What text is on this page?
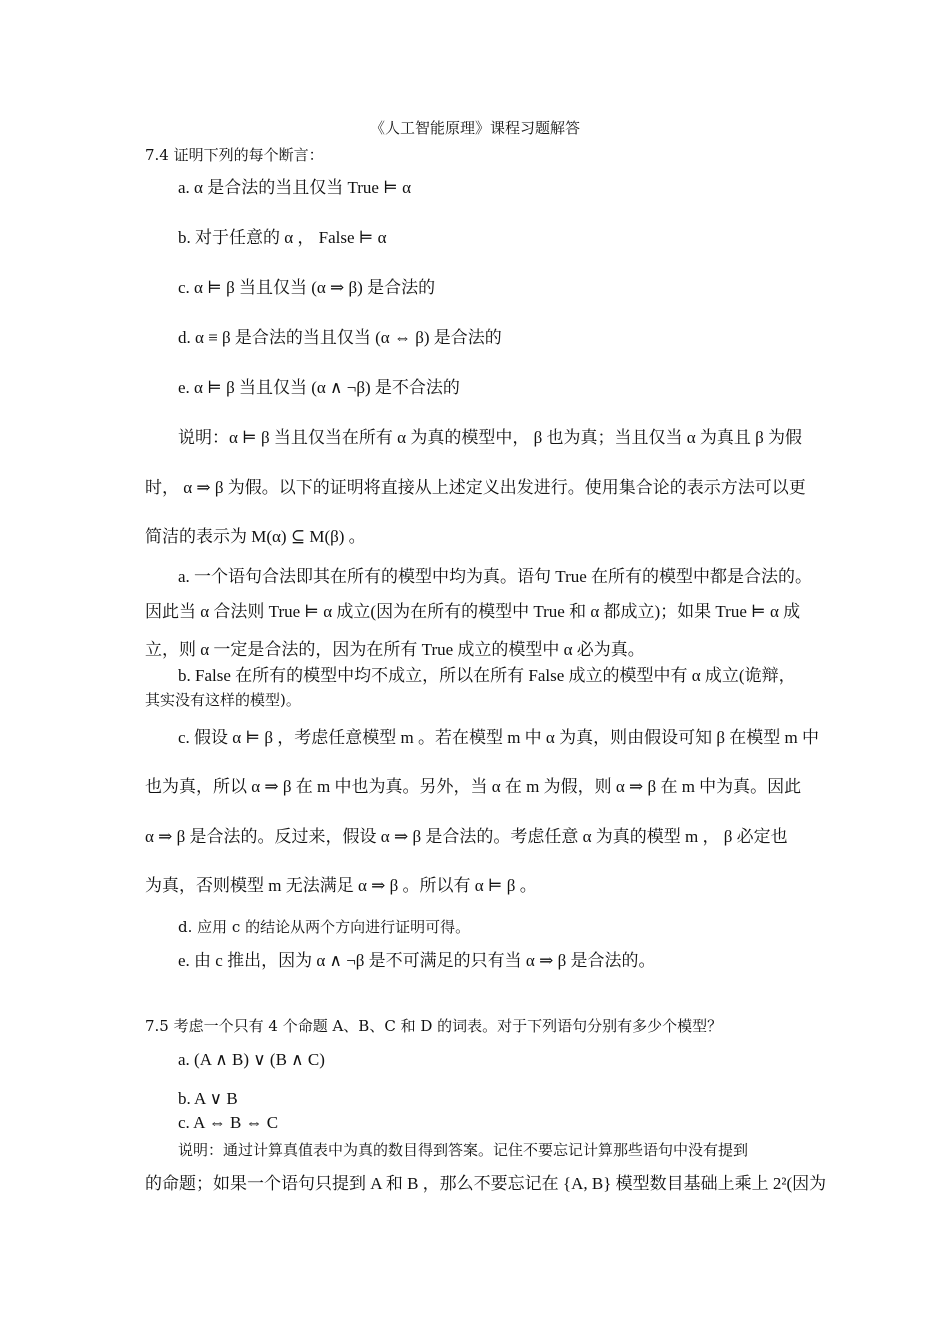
《人工智能原理》课程习题解答
7.4 证明下列的每个断言：
a. α 是合法的当且仅当 True ⊨ α
b. 对于任意的 α ， False ⊨ α
c. α ⊨ β 当且仅当 (α ⇒ β) 是合法的
d. α ≡ β 是合法的当且仅当 (α ⇔ β) 是合法的
e. α ⊨ β 当且仅当 (α ∧ ¬β) 是不合法的
说明：α ⊨ β 当且仅当在所有 α 为真的模型中， β 也为真；当且仅当 α 为真且 β 为假
时， α ⇒ β 为假。以下的证明将直接从上述定义出发进行。使用集合论的表示方法可以更
简洁的表示为 M(α) ⊆ M(β) 。
a. 一个语句合法即其在所有的模型中均为真。语句 True 在所有的模型中都是合法的。
因此当 α 合法则 True ⊨ α 成立(因为在所有的模型中 True 和 α 都成立)；如果 True ⊨ α 成
立，则 α 一定是合法的，因为在所有 True 成立的模型中 α 必为真。
b. False 在所有的模型中均不成立，所以在所有 False 成立的模型中有 α 成立(诡辩，
其实没有这样的模型)。
c. 假设 α ⊨ β ，考虑任意模型 m 。若在模型 m 中 α 为真，则由假设可知 β 在模型 m 中
也为真，所以 α ⇒ β 在 m 中也为真。另外，当 α 在 m 为假，则 α ⇒ β 在 m 中为真。因此
α ⇒ β 是合法的。反过来，假设 α ⇒ β 是合法的。考虑任意 α 为真的模型 m ， β 必定也
为真，否则模型 m 无法满足 α ⇒ β 。所以有 α ⊨ β 。
d. 应用 c 的结论从两个方向进行证明可得。
e. 由 c 推出，因为 α ∧ ¬β 是不可满足的只有当 α ⇒ β 是合法的。
7.5 考虑一个只有 4 个命题 A、B、C 和 D 的词表。对于下列语句分别有多少个模型？
a. (A ∧ B) ∨ (B ∧ C)
b. A ∨ B
c. A ⇔ B ⇔ C
说明：通过计算真值表中为真的数目得到答案。记住不要忘记计算那些语句中没有提到
的命题；如果一个语句只提到 A 和 B ，那么不要忘记在 {A, B} 模型数目基础上乘上 2²(因为
